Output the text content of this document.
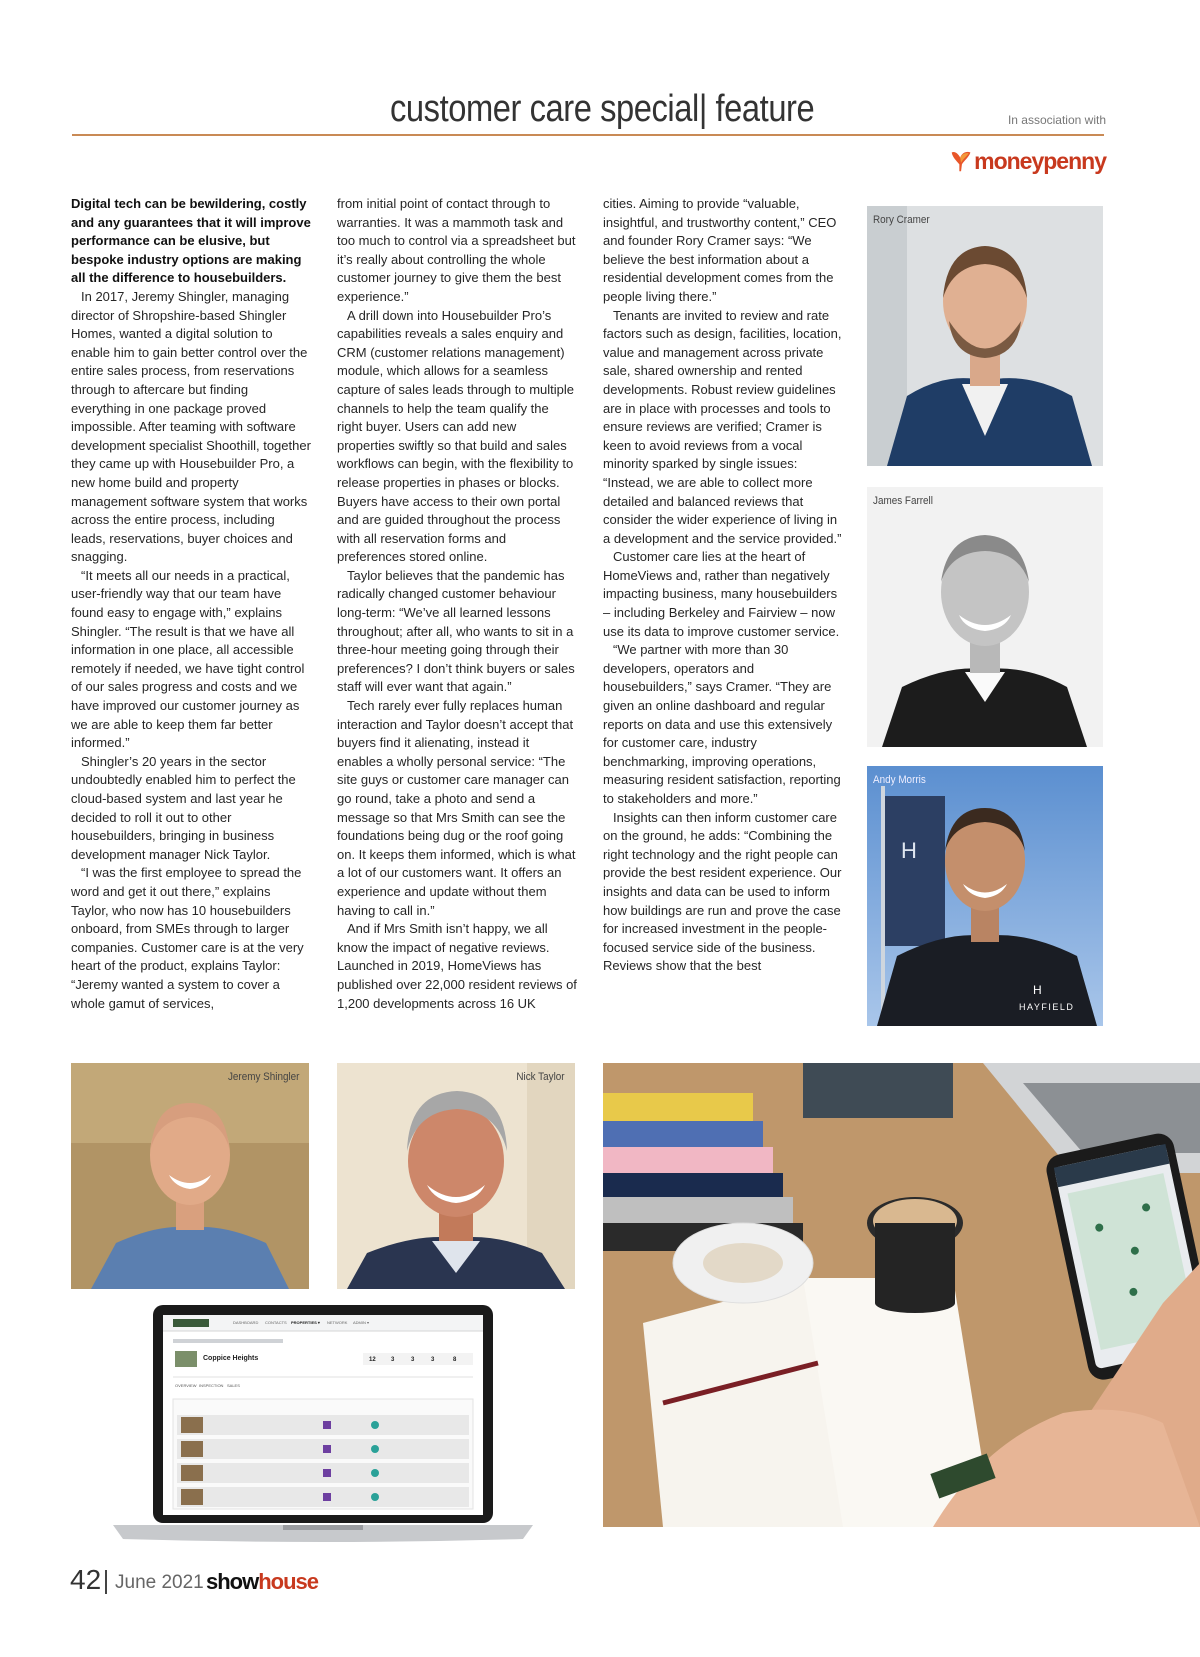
customer care special| feature	In association with
moneypenny

Digital tech can be bewildering, costly and any guarantees that it will improve performance can be elusive, but bespoke industry options are making all the difference to housebuilders.

In 2017, Jeremy Shingler, managing director of Shropshire-based Shingler Homes, wanted a digital solution to enable him to gain better control over the entire sales process, from reservations through to aftercare but finding everything in one package proved impossible. After teaming with software development specialist Shoothill, together they came up with Housebuilder Pro, a new home build and property management software system that works across the entire process, including leads, reservations, buyer choices and snagging.

“It meets all our needs in a practical, user-friendly way that our team have found easy to engage with,” explains Shingler. “The result is that we have all information in one place, all accessible remotely if needed, we have tight control of our sales progress and costs and we have improved our customer journey as we are able to keep them far better informed.”

Shingler’s 20 years in the sector undoubtedly enabled him to perfect the cloud-based system and last year he decided to roll it out to other housebuilders, bringing in business development manager Nick Taylor.

“I was the first employee to spread the word and get it out there,” explains Taylor, who now has 10 housebuilders onboard, from SMEs through to larger companies. Customer care is at the very heart of the product, explains Taylor: “Jeremy wanted a system to cover a whole gamut of services,

from initial point of contact through to warranties. It was a mammoth task and too much to control via a spreadsheet but it’s really about controlling the whole customer journey to give them the best experience.”

A drill down into Housebuilder Pro’s capabilities reveals a sales enquiry and CRM (customer relations management) module, which allows for a seamless capture of sales leads through to multiple channels to help the team qualify the right buyer. Users can add new properties swiftly so that build and sales workflows can begin, with the flexibility to release properties in phases or blocks. Buyers have access to their own portal and are guided throughout the process with all reservation forms and preferences stored online.

Taylor believes that the pandemic has radically changed customer behaviour long-term: “We’ve all learned lessons throughout; after all, who wants to sit in a three-hour meeting going through their preferences? I don’t think buyers or sales staff will ever want that again.”

Tech rarely ever fully replaces human interaction and Taylor doesn’t accept that buyers find it alienating, instead it enables a wholly personal service: “The site guys or customer care manager can go round, take a photo and send a message so that Mrs Smith can see the foundations being dug or the roof going on. It keeps them informed, which is what a lot of our customers want. It offers an experience and update without them having to call in.”

And if Mrs Smith isn’t happy, we all know the impact of negative reviews. Launched in 2019, HomeViews has published over 22,000 resident reviews of 1,200 developments across 16 UK

cities. Aiming to provide “valuable, insightful, and trustworthy content,” CEO and founder Rory Cramer says: “We believe the best information about a residential development comes from the people living there.”

Tenants are invited to review and rate factors such as design, facilities, location, value and management across private sale, shared ownership and rented developments. Robust review guidelines are in place with processes and tools to ensure reviews are verified; Cramer is keen to avoid reviews from a vocal minority sparked by single issues: “Instead, we are able to collect more detailed and balanced reviews that consider the wider experience of living in a development and the service provided.”

Customer care lies at the heart of HomeViews and, rather than negatively impacting business, many housebuilders – including Berkeley and Fairview – now use its data to improve customer service.

“We partner with more than 30 developers, operators and housebuilders,” says Cramer. “They are given an online dashboard and regular reports on data and use this extensively for customer care, industry benchmarking, improving operations, measuring resident satisfaction, reporting to stakeholders and more.”

Insights can then inform customer care on the ground, he adds: “Combining the right technology and the right people can provide the best resident experience. Our insights and data can be used to inform how buildings are run and prove the case for increased investment in the people-focused service side of the business. Reviews show that the best

Rory Cramer
James Farrell
H
H
HAYFIELD
Andy Morris
Jeremy Shingler	Nick Taylor
DASHBOARD CONTACTS PROPERTIES ▾ NETWORK ADMIN ▾
Coppice Heights
OVERVIEW INSPECTION SALES
12	3	3	3	8
42 June 2021 showhouse
